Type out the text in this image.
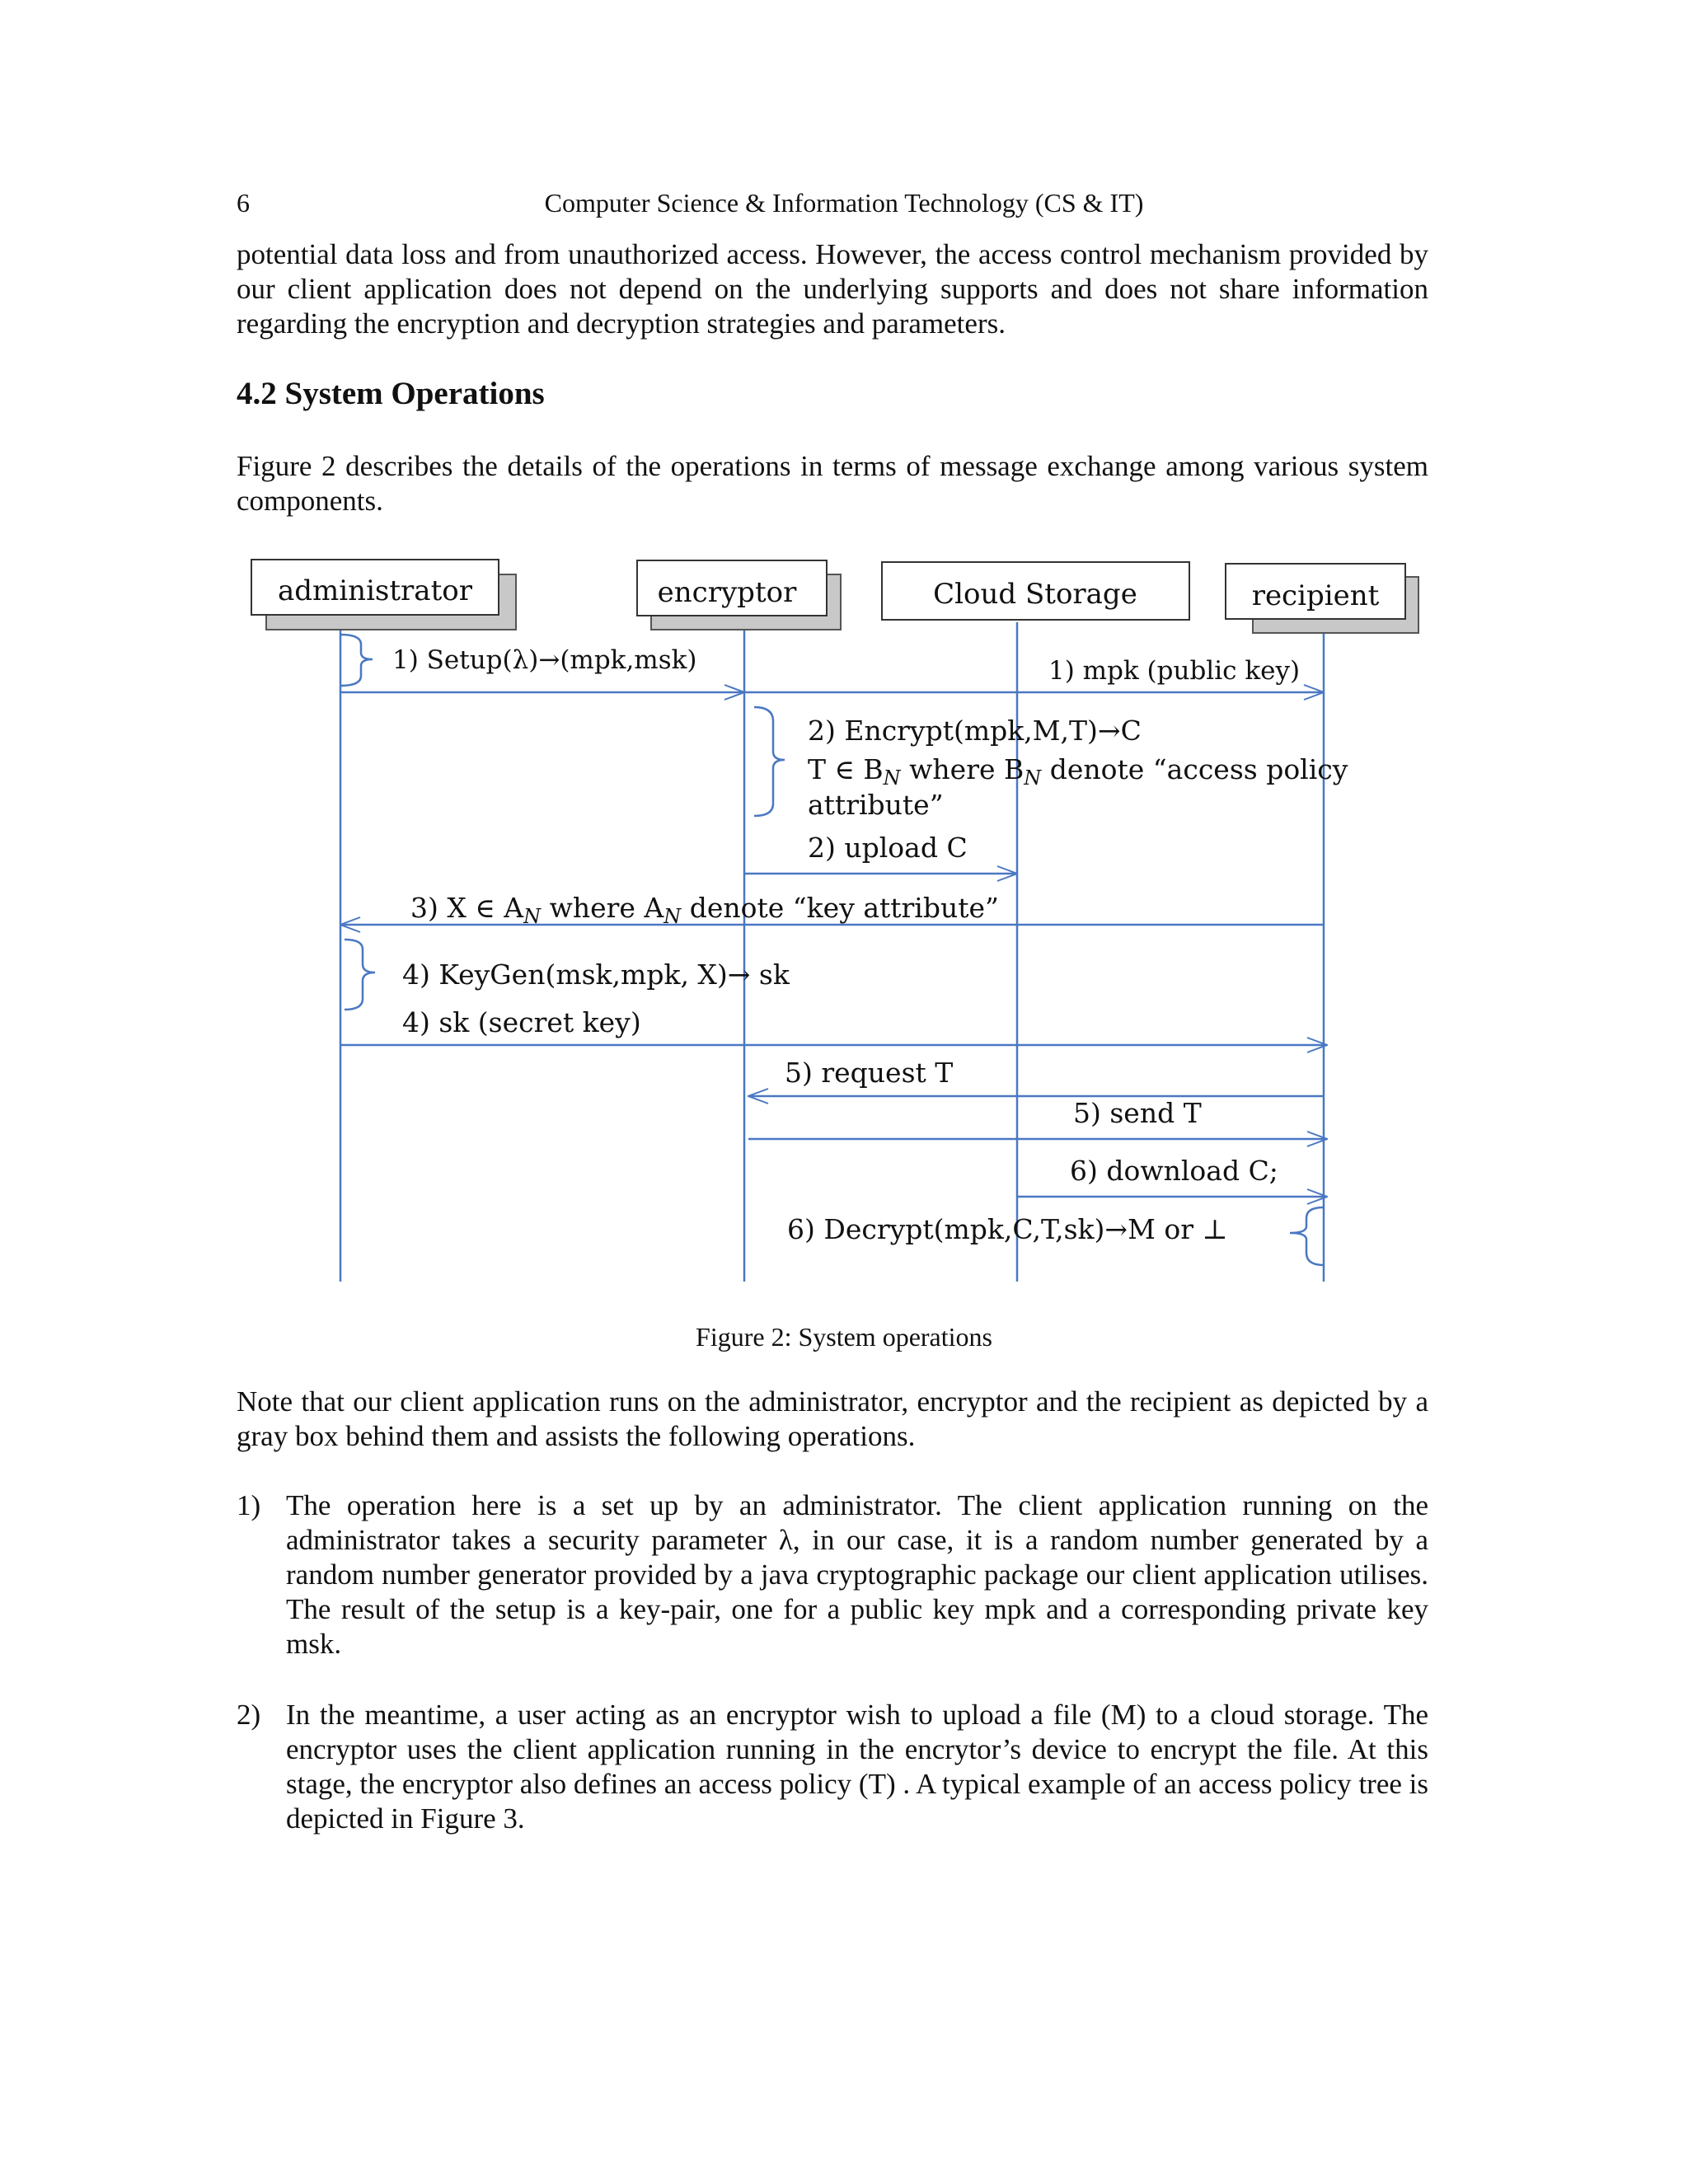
6	Computer Science & Information Technology (CS & IT)
potential data loss and from unauthorized access. However, the access control mechanism provided by our client application does not depend on the underlying supports and does not share information regarding the encryption and decryption strategies and parameters.
4.2 System Operations
Figure 2 describes the details of the operations in terms of message exchange among various system components.
administrator	encryptor	Cloud Storage	recipient
1) Setup(λ)→(mpk,msk)	1) mpk (public key)
2) Encrypt(mpk,M,T)→C
T ∈ $B_N$ where $B_N$ denote “access policy
attribute”
2) upload C
3) X ∈ $A_N$ where $A_N$ denote “key attribute”
4) KeyGen(msk,mpk, X)→ sk
4) sk (secret key)
5) request T
5) send T
6) download C;
6) Decrypt(mpk,C,T,sk)→M or ⊥
Figure 2: System operations
Note that our client application runs on the administrator, encryptor and the recipient as depicted by a gray box behind them and assists the following operations.
1) The operation here is a set up by an administrator. The client application running on the administrator takes a security parameter λ, in our case, it is a random number generated by a random number generator provided by a java cryptographic package our client application utilises. The result of the setup is a key-pair, one for a public key mpk and a corresponding private key msk.
2) In the meantime, a user acting as an encryptor wish to upload a file (M) to a cloud storage. The encryptor uses the client application running in the encrytor’s device to encrypt the file. At this stage, the encryptor also defines an access policy (T) . A typical example of an access policy tree is depicted in Figure 3.
